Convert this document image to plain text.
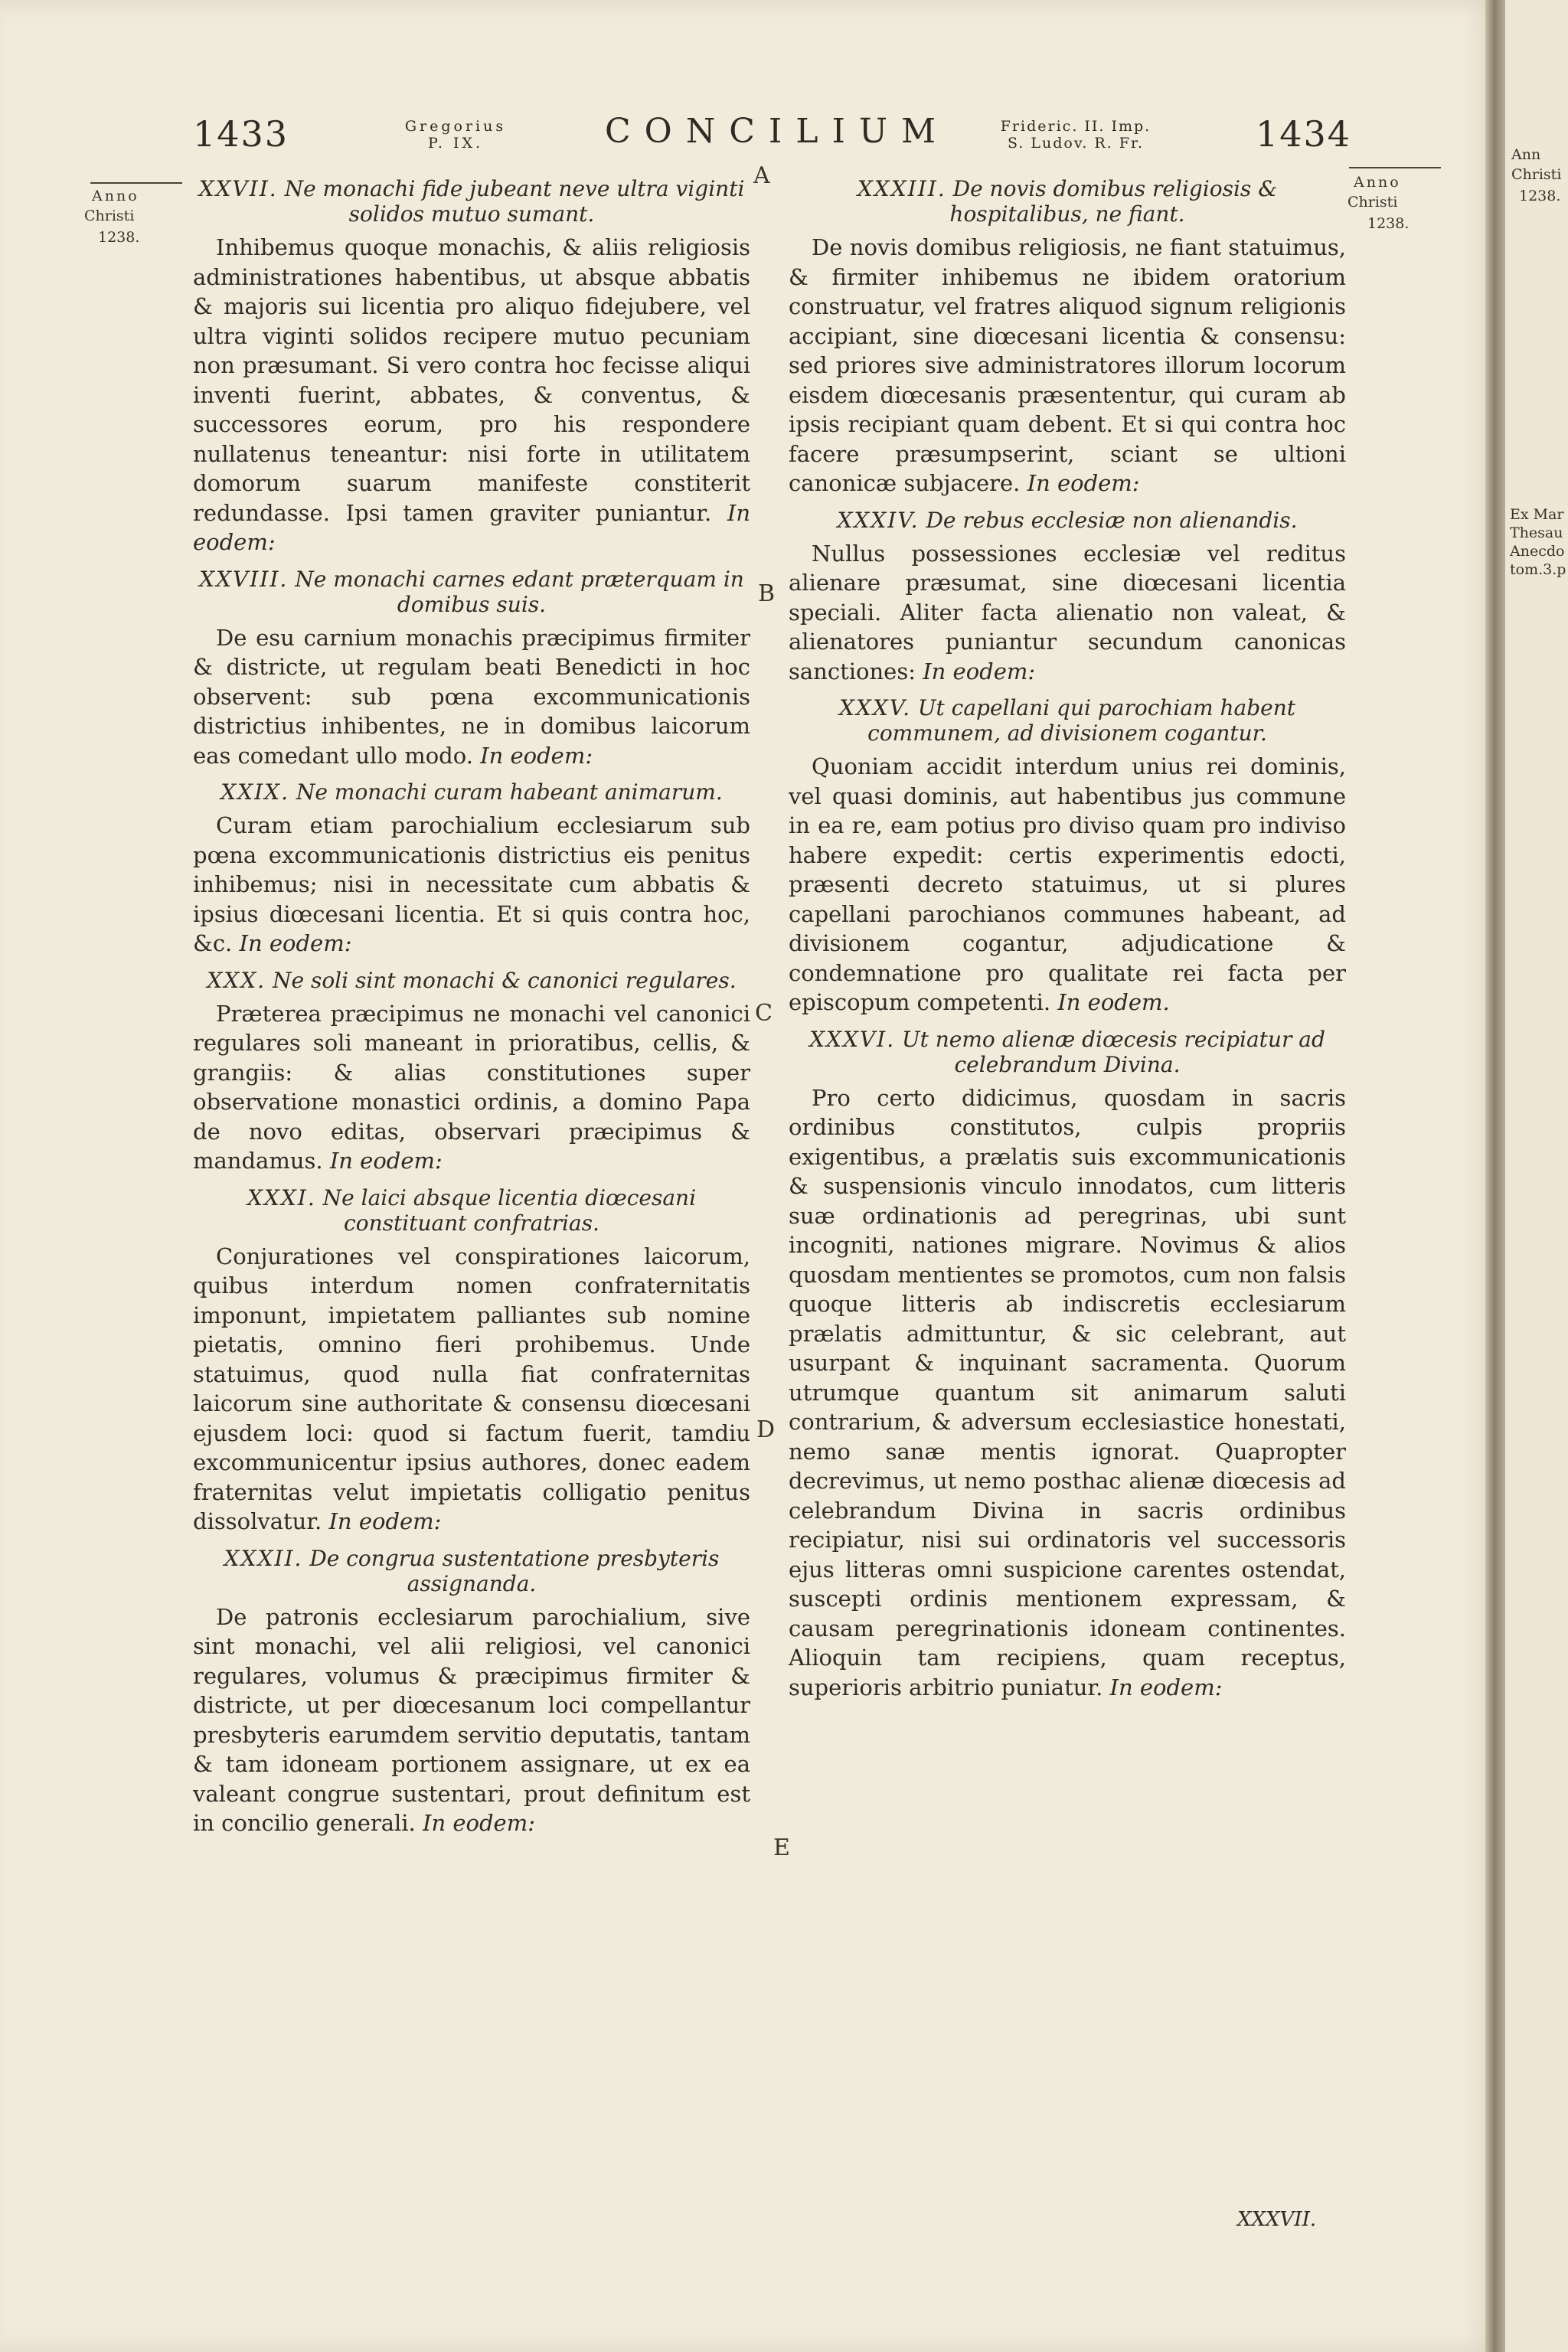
Ann
Christi
1238.
Ex Mar
Thesau
Anecdo
tom.3.p
1433	Gregorius
P. IX.	CONCILIUM	Frideric. II. Imp.
S. Ludov. R. Fr.	1434
Anno
Christi
1238.
Anno
Christi
1238.
A
B
C
D
E
XXVII. Ne monachi fide jubeant neve ultra viginti solidos mutuo sumant.

Inhibemus quoque monachis, & aliis religiosis administrationes habentibus, ut absque abbatis & majoris sui licentia pro aliquo fidejubere, vel ultra viginti solidos recipere mutuo pecuniam non præsumant. Si vero contra hoc fecisse aliqui inventi fuerint, abbates, & conventus, & successores eorum, pro his respondere nullatenus teneantur: nisi forte in utilitatem domorum suarum manifeste constiterit redundasse. Ipsi tamen graviter puniantur. In eodem:

XXVIII. Ne monachi carnes edant præterquam in domibus suis.

De esu carnium monachis præcipimus firmiter & districte, ut regulam beati Benedicti in hoc observent: sub pœna excommunicationis districtius inhibentes, ne in domibus laicorum eas comedant ullo modo. In eodem:

XXIX. Ne monachi curam habeant animarum.

Curam etiam parochialium ecclesiarum sub pœna excommunicationis districtius eis penitus inhibemus; nisi in necessitate cum abbatis & ipsius diœcesani licentia. Et si quis contra hoc, &c. In eodem:

XXX. Ne soli sint monachi & canonici regulares.

Præterea præcipimus ne monachi vel canonici regulares soli maneant in prioratibus, cellis, & grangiis: & alias constitutiones super observatione monastici ordinis, a domino Papa de novo editas, observari præcipimus & mandamus. In eodem:

XXXI. Ne laici absque licentia diœcesani constituant confratrias.

Conjurationes vel conspirationes laicorum, quibus interdum nomen confraternitatis imponunt, impietatem palliantes sub nomine pietatis, omnino fieri prohibemus. Unde statuimus, quod nulla fiat confraternitas laicorum sine authoritate & consensu diœcesani ejusdem loci: quod si factum fuerit, tamdiu excommunicentur ipsius authores, donec eadem fraternitas velut impietatis colligatio penitus dissolvatur. In eodem:

XXXII. De congrua sustentatione presbyteris assignanda.

De patronis ecclesiarum parochialium, sive sint monachi, vel alii religiosi, vel canonici regulares, volumus & præcipimus firmiter & districte, ut per diœcesanum loci compellantur presbyteris earumdem servitio deputatis, tantam & tam idoneam portionem assignare, ut ex ea valeant congrue sustentari, prout definitum est in concilio generali. In eodem:

XXXIII. De novis domibus religiosis & hospitalibus, ne fiant.

De novis domibus religiosis, ne fiant statuimus, & firmiter inhibemus ne ibidem oratorium construatur, vel fratres aliquod signum religionis accipiant, sine diœcesani licentia & consensu: sed priores sive administratores illorum locorum eisdem diœcesanis præsententur, qui curam ab ipsis recipiant quam debent. Et si qui contra hoc facere præsumpserint, sciant se ultioni canonicæ subjacere. In eodem:

XXXIV. De rebus ecclesiæ non alienandis.

Nullus possessiones ecclesiæ vel reditus alienare præsumat, sine diœcesani licentia speciali. Aliter facta alienatio non valeat, & alienatores puniantur secundum canonicas sanctiones: In eodem:

XXXV. Ut capellani qui parochiam habent communem, ad divisionem cogantur.

Quoniam accidit interdum unius rei dominis, vel quasi dominis, aut habentibus jus commune in ea re, eam potius pro diviso quam pro indiviso habere expedit: certis experimentis edocti, præsenti decreto statuimus, ut si plures capellani parochianos communes habeant, ad divisionem cogantur, adjudicatione & condemnatione pro qualitate rei facta per episcopum competenti. In eodem.

XXXVI. Ut nemo alienæ diœcesis recipiatur ad celebrandum Divina.

Pro certo didicimus, quosdam in sacris ordinibus constitutos, culpis propriis exigentibus, a prælatis suis excommunicationis & suspensionis vinculo innodatos, cum litteris suæ ordinationis ad peregrinas, ubi sunt incogniti, nationes migrare. Novimus & alios quosdam mentientes se promotos, cum non falsis quoque litteris ab indiscretis ecclesiarum prælatis admittuntur, & sic celebrant, aut usurpant & inquinant sacramenta. Quorum utrumque quantum sit animarum saluti contrarium, & adversum ecclesiastice honestati, nemo sanæ mentis ignorat. Quapropter decrevimus, ut nemo posthac alienæ diœcesis ad celebrandum Divina in sacris ordinibus recipiatur, nisi sui ordinatoris vel successoris ejus litteras omni suspicione carentes ostendat, suscepti ordinis mentionem expressam, & causam peregrinationis idoneam continentes. Alioquin tam recipiens, quam receptus, superioris arbitrio puniatur. In eodem:

XXXVII.
